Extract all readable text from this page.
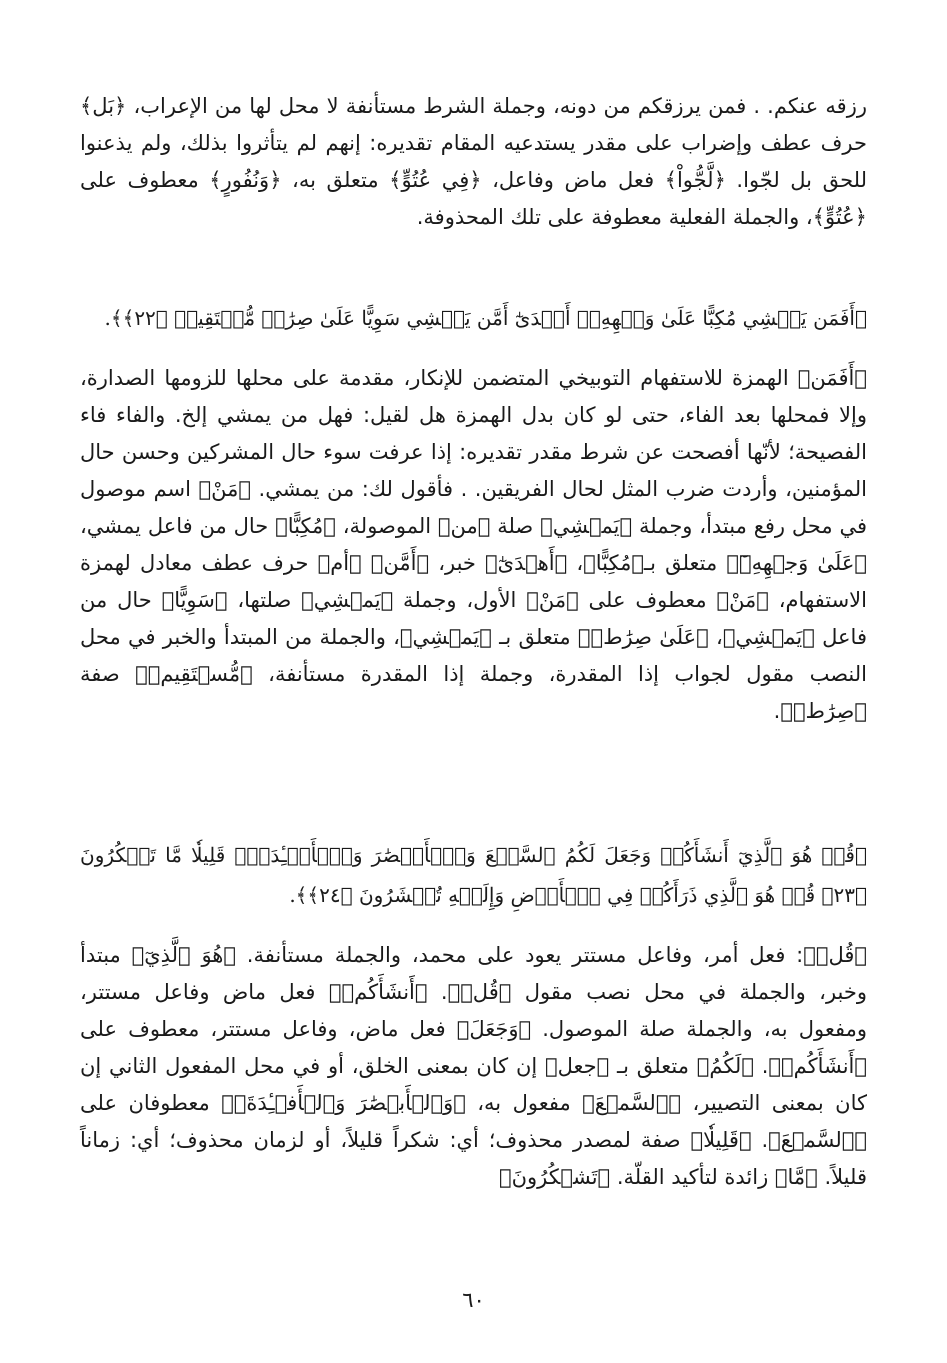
رزقه عنكم. . فمن يرزقكم من دونه، وجملة الشرط مستأنفة لا محل لها من الإعراب، ﴿بَل﴾ حرف عطف وإضراب على مقدر يستدعيه المقام تقديره: إنهم لم يتأثروا بذلك، ولم يذعنوا للحق بل لجّوا. ﴿لَّجُّواْ﴾ فعل ماض وفاعل، ﴿فِي عُتُوٍّ﴾ متعلق به، ﴿وَنُفُورٍ﴾ معطوف على ﴿عُتُوٍّ﴾، والجملة الفعلية معطوفة على تلك المحذوفة.

﴿أَفَمَن يَمۡشِي مُكِبًّا عَلَىٰ وَجۡهِهِۦٓ أَهۡدَىٰٓ أَمَّن يَمۡشِي سَوِيًّا عَلَىٰ صِرَٰطٖ مُّسۡتَقِيمٖ ﴿٢٢﴾﴾.

﴿أَفَمَن﴾ الهمزة للاستفهام التوبيخي المتضمن للإنكار، مقدمة على محلها للزومها الصدارة، وإلا فمحلها بعد الفاء، حتى لو كان بدل الهمزة هل لقيل: فهل من يمشي إلخ. والفاء فاء الفصيحة؛ لأنّها أفصحت عن شرط مقدر تقديره: إذا عرفت سوء حال المشركين وحسن حال المؤمنين، وأردت ضرب المثل لحال الفريقين. . فأقول لك: من يمشي. ﴿مَنْ﴾ اسم موصول في محل رفع مبتدأ، وجملة ﴿يَمۡشِي﴾ صلة ﴿من﴾ الموصولة، ﴿مُكِبًّا﴾ حال من فاعل يمشي، ﴿عَلَىٰ وَجۡهِهِۦٓ﴾ متعلق بـ﴿مُكِبًّا﴾، ﴿أَهۡدَىٰٓ﴾ خبر، ﴿أَمَّن﴾ ﴿أم﴾ حرف عطف معادل لهمزة الاستفهام، ﴿مَنْ﴾ معطوف على ﴿مَنْ﴾ الأول، وجملة ﴿يَمۡشِي﴾ صلتها، ﴿سَوِيًّا﴾ حال من فاعل ﴿يَمۡشِي﴾، ﴿عَلَىٰ صِرَٰطٖ﴾ متعلق بـ ﴿يَمۡشِي﴾، والجملة من المبتدأ والخبر في محل النصب مقول لجواب إذا المقدرة، وجملة إذا المقدرة مستأنفة، ﴿مُّسۡتَقِيمٖ﴾ صفة ﴿صِرَٰطٖ﴾.

﴿قُلۡ هُوَ ٱلَّذِيٓ أَنشَأَكُمۡ وَجَعَلَ لَكُمُ ٱلسَّمۡعَ وَٱلۡأَبۡصَٰرَ وَٱلۡأَفۡـِٔدَةَۚ قَلِيلٗا مَّا تَشۡكُرُونَ ﴿٢٣﴾ قُلۡ هُوَ ٱلَّذِي ذَرَأَكُمۡ فِي ٱلۡأَرۡضِ وَإِلَيۡهِ تُحۡشَرُونَ ﴿٢٤﴾﴾.

﴿قُلۡ﴾: فعل أمر، وفاعل مستتر يعود على محمد، والجملة مستأنفة. ﴿هُوَ ٱلَّذِيٓ﴾ مبتدأ وخبر، والجملة في محل نصب مقول ﴿قُلۡ﴾. ﴿أَنشَأَكُمۡ﴾ فعل ماض وفاعل مستتر، ومفعول به، والجملة صلة الموصول. ﴿وَجَعَلَ﴾ فعل ماض، وفاعل مستتر، معطوف على ﴿أَنشَأَكُمۡ﴾. ﴿لَكُمُ﴾ متعلق بـ ﴿جعل﴾ إن كان بمعنى الخلق، أو في محل المفعول الثاني إن كان بمعنى التصيير، ﴿ٱلسَّمۡعَ﴾ مفعول به، ﴿وَٱلۡأَبۡصَٰرَ وَٱلۡأَفۡـِٔدَةَۚ﴾ معطوفان على ﴿ٱلسَّمۡعَ﴾. ﴿قَلِيلٗا﴾ صفة لمصدر محذوف؛ أي: شكراً قليلاً، أو لزمان محذوف؛ أي: زماناً قليلاً. ﴿مَّا﴾ زائدة لتأكيد القلّة. ﴿تَشۡكُرُونَ﴾

٦٠
